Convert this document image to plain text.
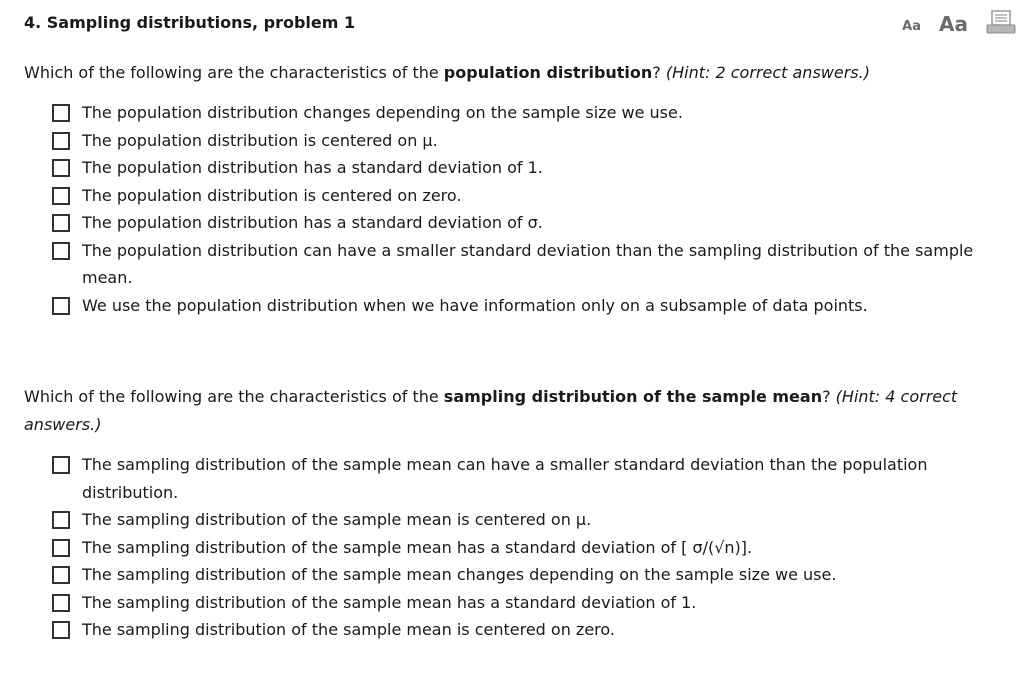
4. Sampling distributions, problem 1	Aa Aa
Which of the following are the characteristics of the population distribution? (Hint: 2 correct answers.)
The population distribution changes depending on the sample size we use.
The population distribution is centered on μ.
The population distribution has a standard deviation of 1.
The population distribution is centered on zero.
The population distribution has a standard deviation of σ.
The population distribution can have a smaller standard deviation than the sampling distribution of the sample mean.
We use the population distribution when we have information only on a subsample of data points.
Which of the following are the characteristics of the sampling distribution of the sample mean? (Hint: 4 correct answers.)
The sampling distribution of the sample mean can have a smaller standard deviation than the population distribution.
The sampling distribution of the sample mean is centered on μ.
The sampling distribution of the sample mean has a standard deviation of [ σ/(√n)].
The sampling distribution of the sample mean changes depending on the sample size we use.
The sampling distribution of the sample mean has a standard deviation of 1.
The sampling distribution of the sample mean is centered on zero.
